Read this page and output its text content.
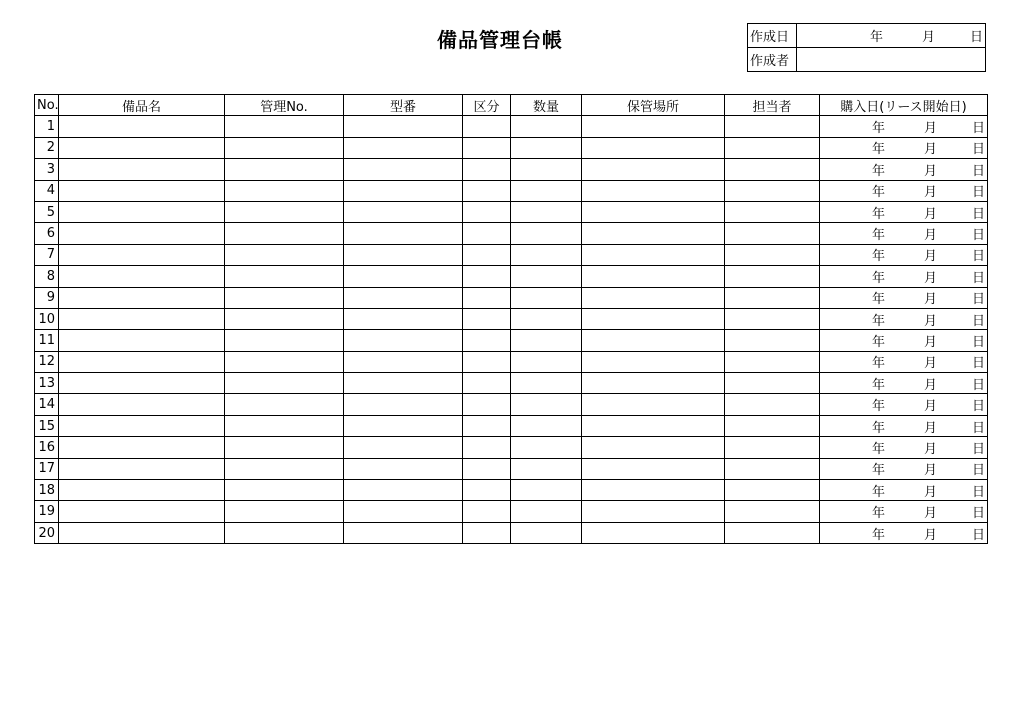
備品管理台帳	作成日	年 月 日

作成者	
No.	備品名	管理No.	型番	区分	数量	保管場所	担当者	購入日(リース開始日)
1								年 月 日

2								年 月 日

3								年 月 日

4								年 月 日

5								年 月 日

6								年 月 日

7								年 月 日

8								年 月 日

9								年 月 日

10								年 月 日

11								年 月 日

12								年 月 日

13								年 月 日

14								年 月 日

15								年 月 日

16								年 月 日

17								年 月 日

18								年 月 日

19								年 月 日

20								年 月 日
